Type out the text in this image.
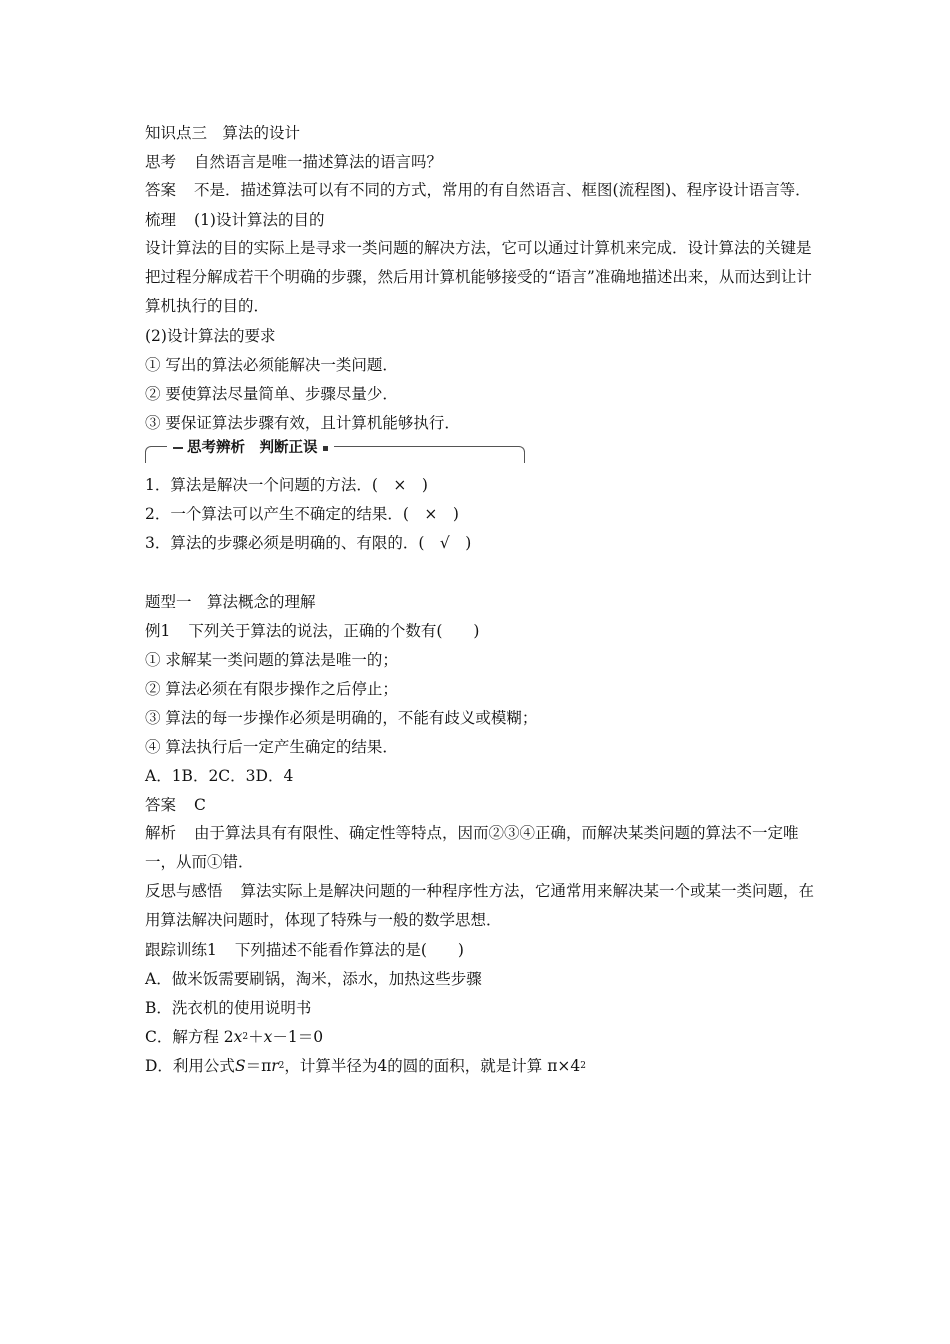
知识点三　算法的设计
思考 自然语言是唯一描述算法的语言吗？
答案 不是．描述算法可以有不同的方式，常用的有自然语言、框图(流程图)、程序设计语言等．
梳理 (1)设计算法的目的
设计算法的目的实际上是寻求一类问题的解决方法，它可以通过计算机来完成．设计算法的关键是把过程分解成若干个明确的步骤，然后用计算机能够接受的“语言”准确地描述出来，从而达到让计算机执行的目的．
(2)设计算法的要求
① 写出的算法必须能解决一类问题．
② 要使算法尽量简单、步骤尽量少．
③ 要保证算法步骤有效，且计算机能够执行．
思考辨析　判断正误
1．算法是解决一个问题的方法．(　×　)
2．一个算法可以产生不确定的结果．(　×　)
3．算法的步骤必须是明确的、有限的．(　√　)
题型一　算法概念的理解
例1 下列关于算法的说法，正确的个数有(　　)
① 求解某一类问题的算法是唯一的；
② 算法必须在有限步操作之后停止；
③ 算法的每一步操作必须是明确的，不能有歧义或模糊；
④ 算法执行后一定产生确定的结果．
A．1B．2C．3D．4
答案 C
解析 由于算法具有有限性、确定性等特点，因而②③④正确，而解决某类问题的算法不一定唯一，从而①错．
反思与感悟 算法实际上是解决问题的一种程序性方法，它通常用来解决某一个或某一类问题，在用算法解决问题时，体现了特殊与一般的数学思想．
跟踪训练1 下列描述不能看作算法的是(　　)
A．做米饭需要刷锅，淘米，添水，加热这些步骤
B．洗衣机的使用说明书
C．解方程 2 x 2 ＋ x －1＝0
D．利用公式 S ＝π r 2 ，计算半径为4的圆的面积，就是计算 π×4 2
